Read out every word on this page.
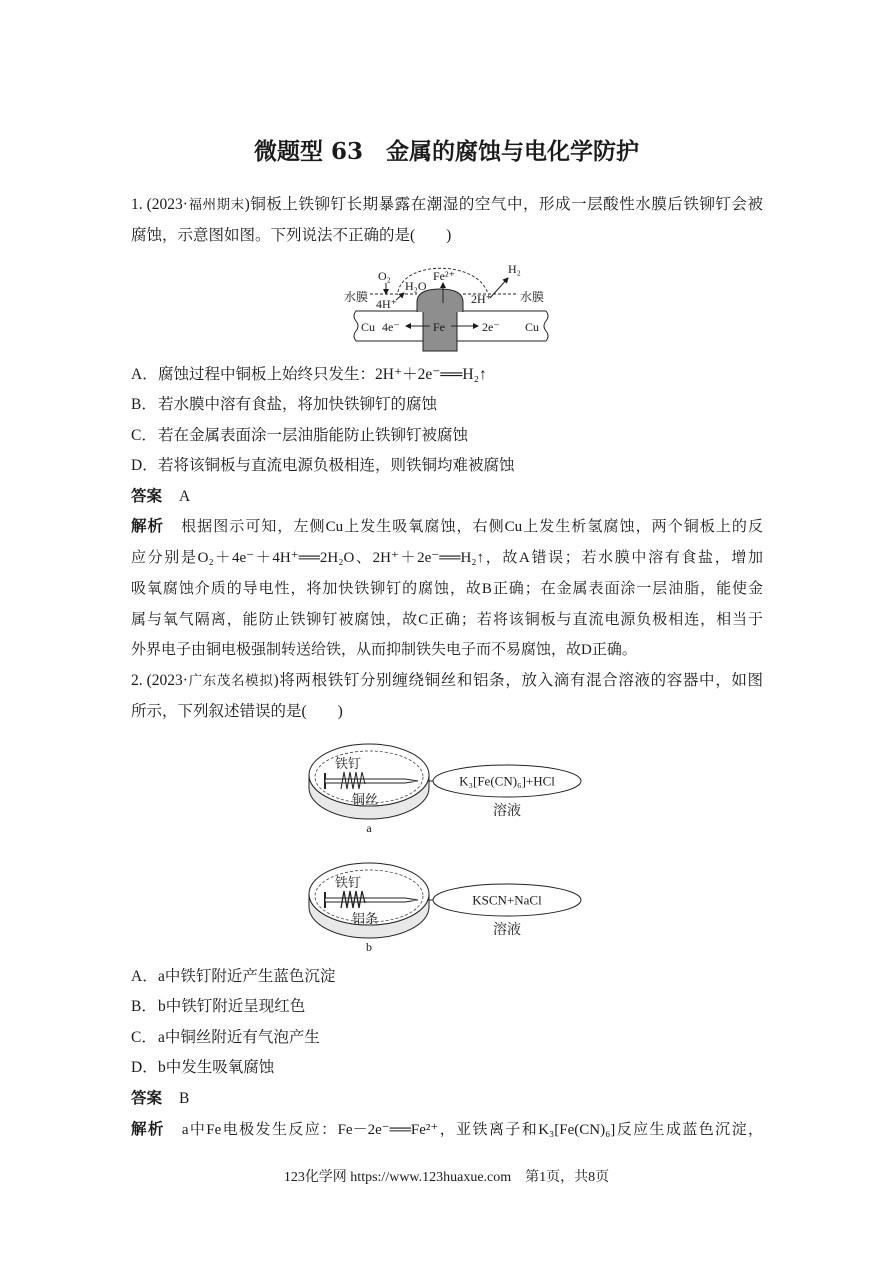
微题型 63　金属的腐蚀与电化学防护
1. (2023·福州期末)铜板上铁铆钉长期暴露在潮湿的空气中，形成一层酸性水膜后铁铆钉会被
腐蚀，示意图如图。下列说法不正确的是(　　)
水膜
O₂
4H⁺
H₂O
Fe²⁺
2H⁺
H₂
水膜
Cu 4e⁻	Fe	2e⁻ Cu
A．腐蚀过程中铜板上始终只发生：2H⁺＋2e⁻══H₂↑
B．若水膜中溶有食盐，将加快铁铆钉的腐蚀
C．若在金属表面涂一层油脂能防止铁铆钉被腐蚀
D．若将该铜板与直流电源负极相连，则铁铜均难被腐蚀
答案 A
解析 根据图示可知，左侧Cu上发生吸氧腐蚀，右侧Cu上发生析氢腐蚀，两个铜板上的反
应分别是O₂＋4e⁻＋4H⁺══2H₂O、2H⁺＋2e⁻══H₂↑，故A错误；若水膜中溶有食盐，增加
吸氧腐蚀介质的导电性，将加快铁铆钉的腐蚀，故B正确；在金属表面涂一层油脂，能使金
属与氧气隔离，能防止铁铆钉被腐蚀，故C正确；若将该铜板与直流电源负极相连，相当于
外界电子由铜电极强制转送给铁，从而抑制铁失电子而不易腐蚀，故D正确。
2. (2023·广东茂名模拟)将两根铁钉分别缠绕铜丝和铝条，放入滴有混合溶液的容器中，如图
所示，下列叙述错误的是(　　)
铁钉
铜丝
K₃[Fe(CN)₆]+HCl
溶液
a
铁钉
铝条
KSCN+NaCl
溶液
b
A．a中铁钉附近产生蓝色沉淀
B．b中铁钉附近呈现红色
C．a中铜丝附近有气泡产生
D．b中发生吸氧腐蚀
答案 B
解析 a中Fe电极发生反应：Fe－2e⁻══Fe²⁺，亚铁离子和K₃[Fe(CN)₆]反应生成蓝色沉淀，
123化学网 https://www.123huaxue.com　第1页，共8页
